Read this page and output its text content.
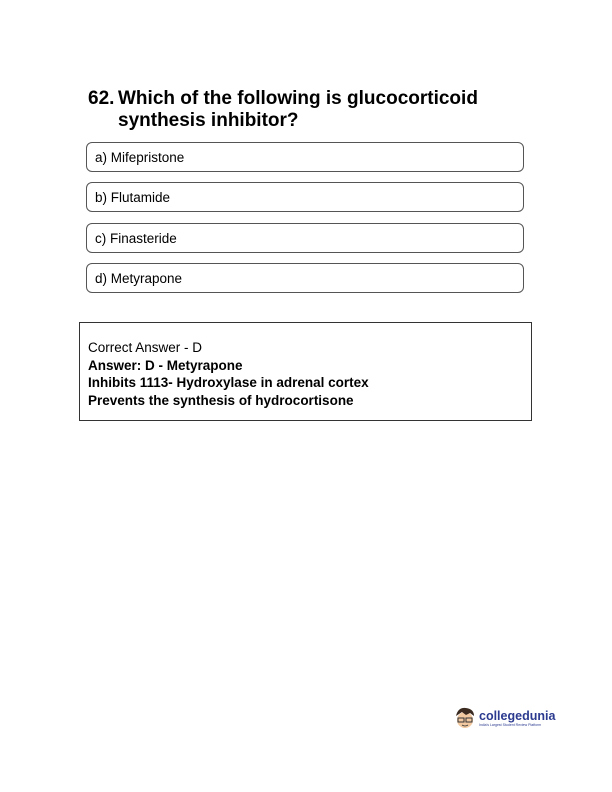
62. Which of the following is glucocorticoid synthesis inhibitor?
a) Mifepristone
b) Flutamide
c) Finasteride
d) Metyrapone
Correct Answer - D
Answer: D - Metyrapone
Inhibits 1113- Hydroxylase in adrenal cortex
Prevents the synthesis of hydrocortisone
collegedunia
India's Largest Student Review Platform
